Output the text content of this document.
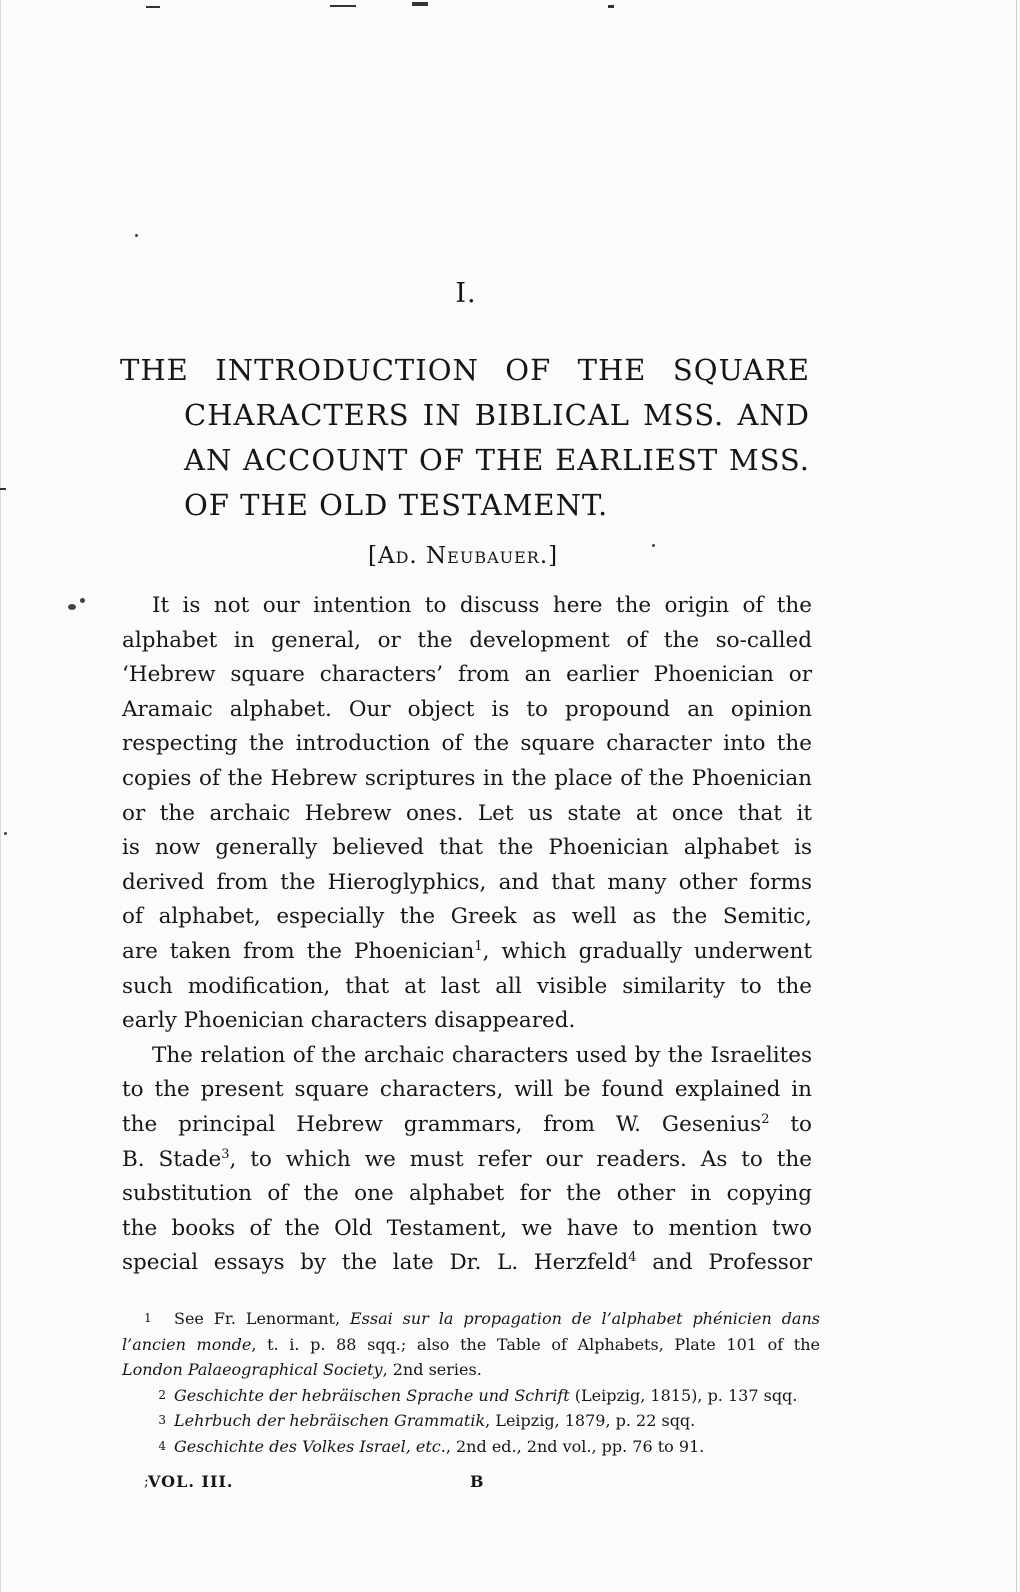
I.
THE INTRODUCTION OF THE SQUARE
CHARACTERS IN BIBLICAL MSS. AND
AN ACCOUNT OF THE EARLIEST MSS.
OF THE OLD TESTAMENT.
[Ad. Neubauer.]
It is not our intention to discuss here the origin of the
alphabet in general, or the development of the so-called
‘Hebrew square characters’ from an earlier Phoenician or
Aramaic alphabet. Our object is to propound an opinion
respecting the introduction of the square character into the
copies of the Hebrew scriptures in the place of the Phoenician
or the archaic Hebrew ones. Let us state at once that it
is now generally believed that the Phoenician alphabet is
derived from the Hieroglyphics, and that many other forms
of alphabet, especially the Greek as well as the Semitic,
are taken from the Phoenician$^1$, which gradually underwent
such modification, that at last all visible similarity to the
early Phoenician characters disappeared.
The relation of the archaic characters used by the Israelites
to the present square characters, will be found explained in
the principal Hebrew grammars, from W. Gesenius$^2$ to
B. Stade$^3$, to which we must refer our readers. As to the
substitution of the one alphabet for the other in copying
the books of the Old Testament, we have to mention two
special essays by the late Dr. L. Herzfeld$^4$ and Professor
1 See Fr. Lenormant, Essai sur la propagation de l’alphabet phénicien dans
l’ancien monde, t. i. p. 88 sqq.; also the Table of Alphabets, Plate 101 of the
London Palaeographical Society, 2nd series.
2 Geschichte der hebräischen Sprache und Schrift (Leipzig, 1815), p. 137 sqq.
3 Lehrbuch der hebräischen Grammatik, Leipzig, 1879, p. 22 sqq.
4 Geschichte des Volkes Israel, etc., 2nd ed., 2nd vol., pp. 76 to 91.
; VOL. III.	B
